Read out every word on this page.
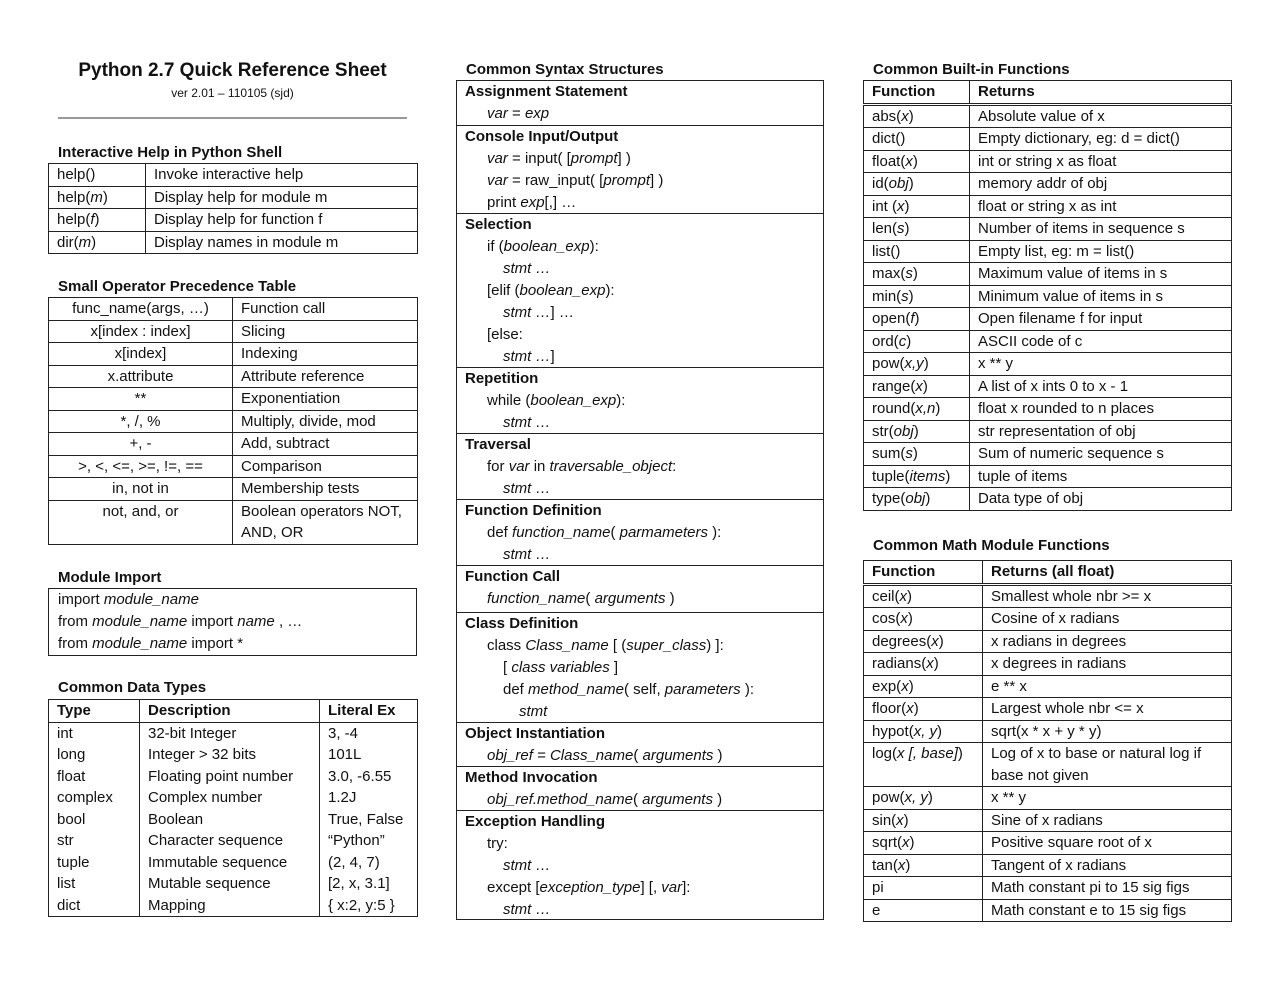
Python 2.7 Quick Reference Sheet
ver 2.01 – 110105 (sjd)
Interactive Help in Python Shell
help()	Invoke interactive help
help(m)	Display help for module m
help(f)	Display help for function f
dir(m)	Display names in module m
Small Operator Precedence Table
func_name(args, …)	Function call
x[index : index]	Slicing
x[index]	Indexing
x.attribute	Attribute reference
**	Exponentiation
*, /, %	Multiply, divide, mod
+, -	Add, subtract
>, <, <=, >=, !=, ==	Comparison
in, not in	Membership tests
not, and, or	Boolean operators NOT, AND, OR
Module Import
import module_name
from module_name import name , …
from module_name import *
Common Data Types
Type	Description	Literal Ex
int	32-bit Integer	3, -4
long	Integer > 32 bits	101L
float	Floating point number	3.0, -6.55
complex	Complex number	1.2J
bool	Boolean	True, False
str	Character sequence	“Python”
tuple	Immutable sequence	(2, 4, 7)
list	Mutable sequence	[2, x, 3.1]
dict	Mapping	{ x:2, y:5 }
Common Syntax Structures
Assignment Statement
var = exp
Console Input/Output
var = input( [prompt] )
var = raw_input( [prompt] )
print exp[,] …
Selection
if (boolean_exp):
stmt …
[elif (boolean_exp):
stmt …] …
[else:
stmt …]
Repetition
while (boolean_exp):
stmt …
Traversal
for var in traversable_object:
stmt …
Function Definition
def function_name( parmameters ):
stmt …
Function Call
function_name( arguments )
Class Definition
class Class_name [ (super_class) ]:
[ class variables ]
def method_name( self, parameters ):
stmt
Object Instantiation
obj_ref = Class_name( arguments )
Method Invocation
obj_ref.method_name( arguments )
Exception Handling
try:
stmt …
except [exception_type] [, var]:
stmt …
Common Built-in Functions
Function	Returns
abs(x)	Absolute value of x
dict()	Empty dictionary, eg: d = dict()
float(x)	int or string x as float
id(obj)	memory addr of obj
int (x)	float or string x as int
len(s)	Number of items in sequence s
list()	Empty list, eg: m = list()
max(s)	Maximum value of items in s
min(s)	Minimum value of items in s
open(f)	Open filename f for input
ord(c)	ASCII code of c
pow(x,y)	x ** y
range(x)	A list of x ints 0 to x - 1
round(x,n)	float x rounded to n places
str(obj)	str representation of obj
sum(s)	Sum of numeric sequence s
tuple(items)	tuple of items
type(obj)	Data type of obj
Common Math Module Functions
Function	Returns (all float)
ceil(x)	Smallest whole nbr >= x
cos(x)	Cosine of x radians
degrees(x)	x radians in degrees
radians(x)	x degrees in radians
exp(x)	e ** x
floor(x)	Largest whole nbr <= x
hypot(x, y)	sqrt(x * x + y * y)
log(x [, base])	Log of x to base or natural log if base not given
pow(x, y)	x ** y
sin(x)	Sine of x radians
sqrt(x)	Positive square root of x
tan(x)	Tangent of x radians
pi	Math constant pi to 15 sig figs
e	Math constant e to 15 sig figs
